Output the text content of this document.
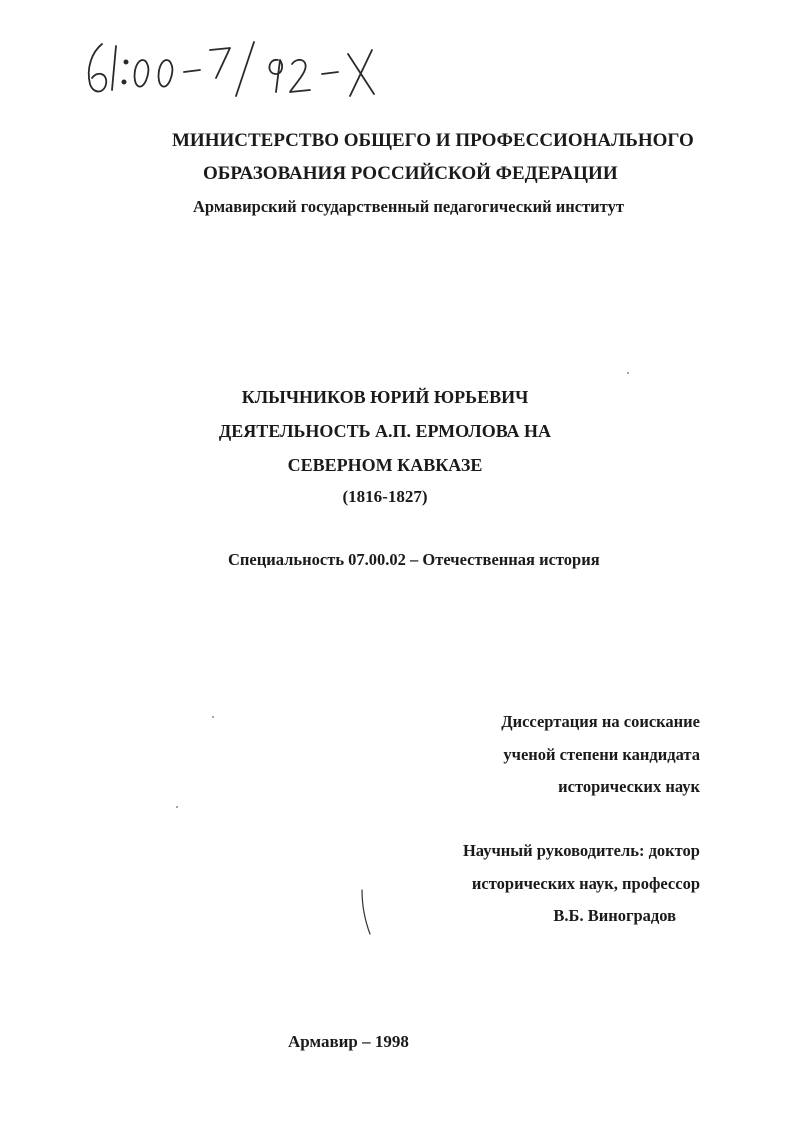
МИНИСТЕРСТВО ОБЩЕГО И ПРОФЕССИОНАЛЬНОГО
ОБРАЗОВАНИЯ РОССИЙСКОЙ ФЕДЕРАЦИИ
Армавирский государственный педагогический институт
КЛЫЧНИКОВ ЮРИЙ ЮРЬЕВИЧ
ДЕЯТЕЛЬНОСТЬ А.П. ЕРМОЛОВА НА
СЕВЕРНОМ КАВКАЗЕ
(1816-1827)
Специальность 07.00.02 – Отечественная история
Диссертация на соискание
ученой степени кандидата
исторических наук
Научный руководитель: доктор
исторических наук, профессор
В.Б. Виноградов
Армавир – 1998
